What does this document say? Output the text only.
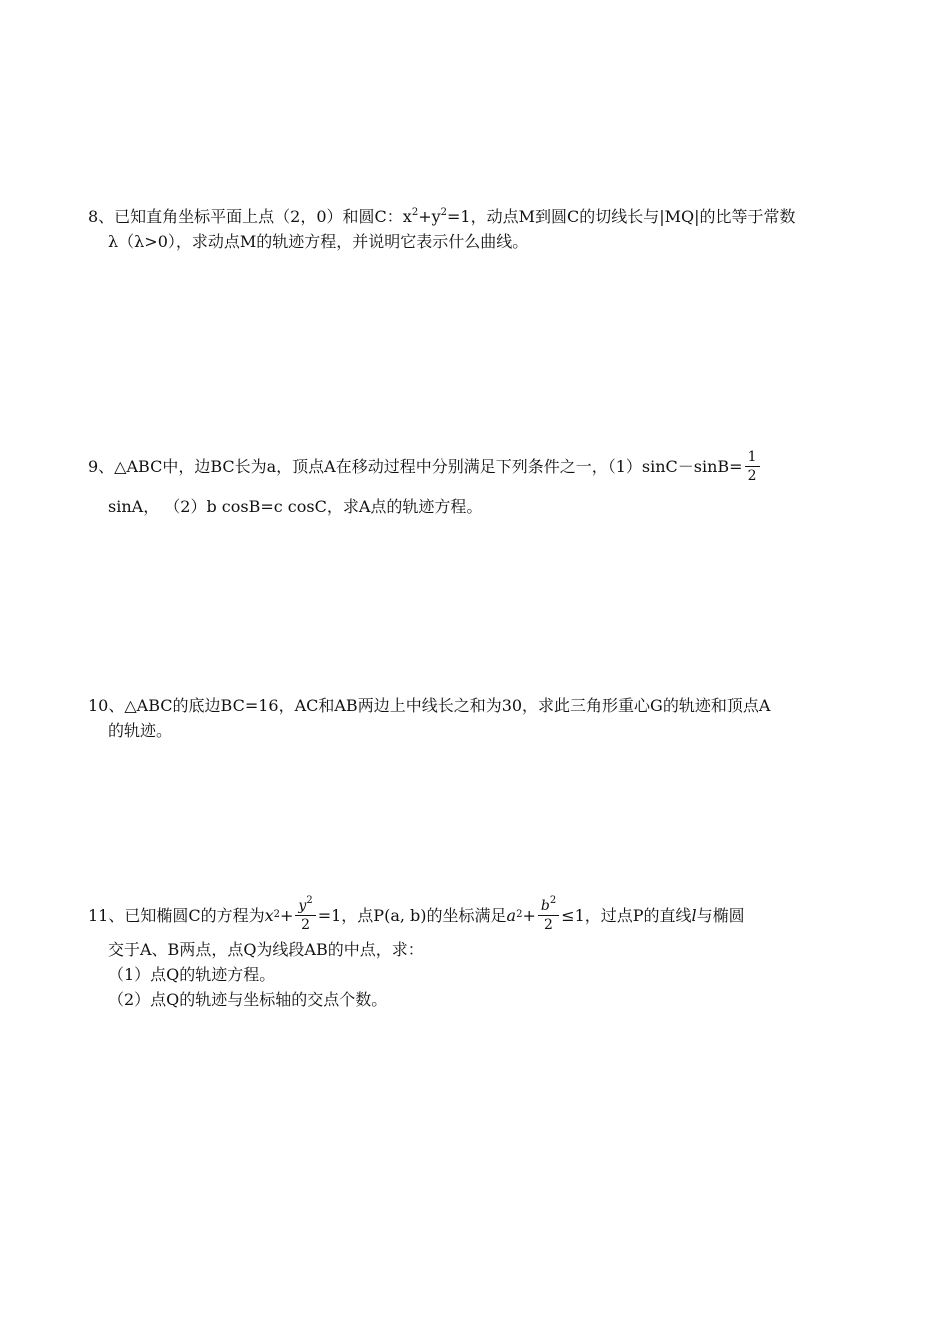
8、已知直角坐标平面上点（2，0）和圆C：$x^2+y^2=1$，动点M到圆C的切线长与|MQ|的比等于常数
λ（λ>0），求动点M的轨迹方程，并说明它表示什么曲线。
9、△ABC中，边BC长为a，顶点A在移动过程中分别满足下列条件之一，$(1)\sin C-\sin B= \frac{1}{2}$
sinA， （2）b cosB=c cosC，求A点的轨迹方程。
10、△ABC的底边BC=16，AC和AB两边上中线长之和为30，求此三角形重心G的轨迹和顶点A
的轨迹。
11、已知椭圆C的方程为 x $2 + \frac{y^2}{2} =1$，点P(a, b)的坐标满足 a $2 + \frac{b^2}{2} \le 1$，过点P的直线 l 与椭圆
交于A、B两点，点Q为线段AB的中点，求：
（1）点Q的轨迹方程。
（2）点Q的轨迹与坐标轴的交点个数。
